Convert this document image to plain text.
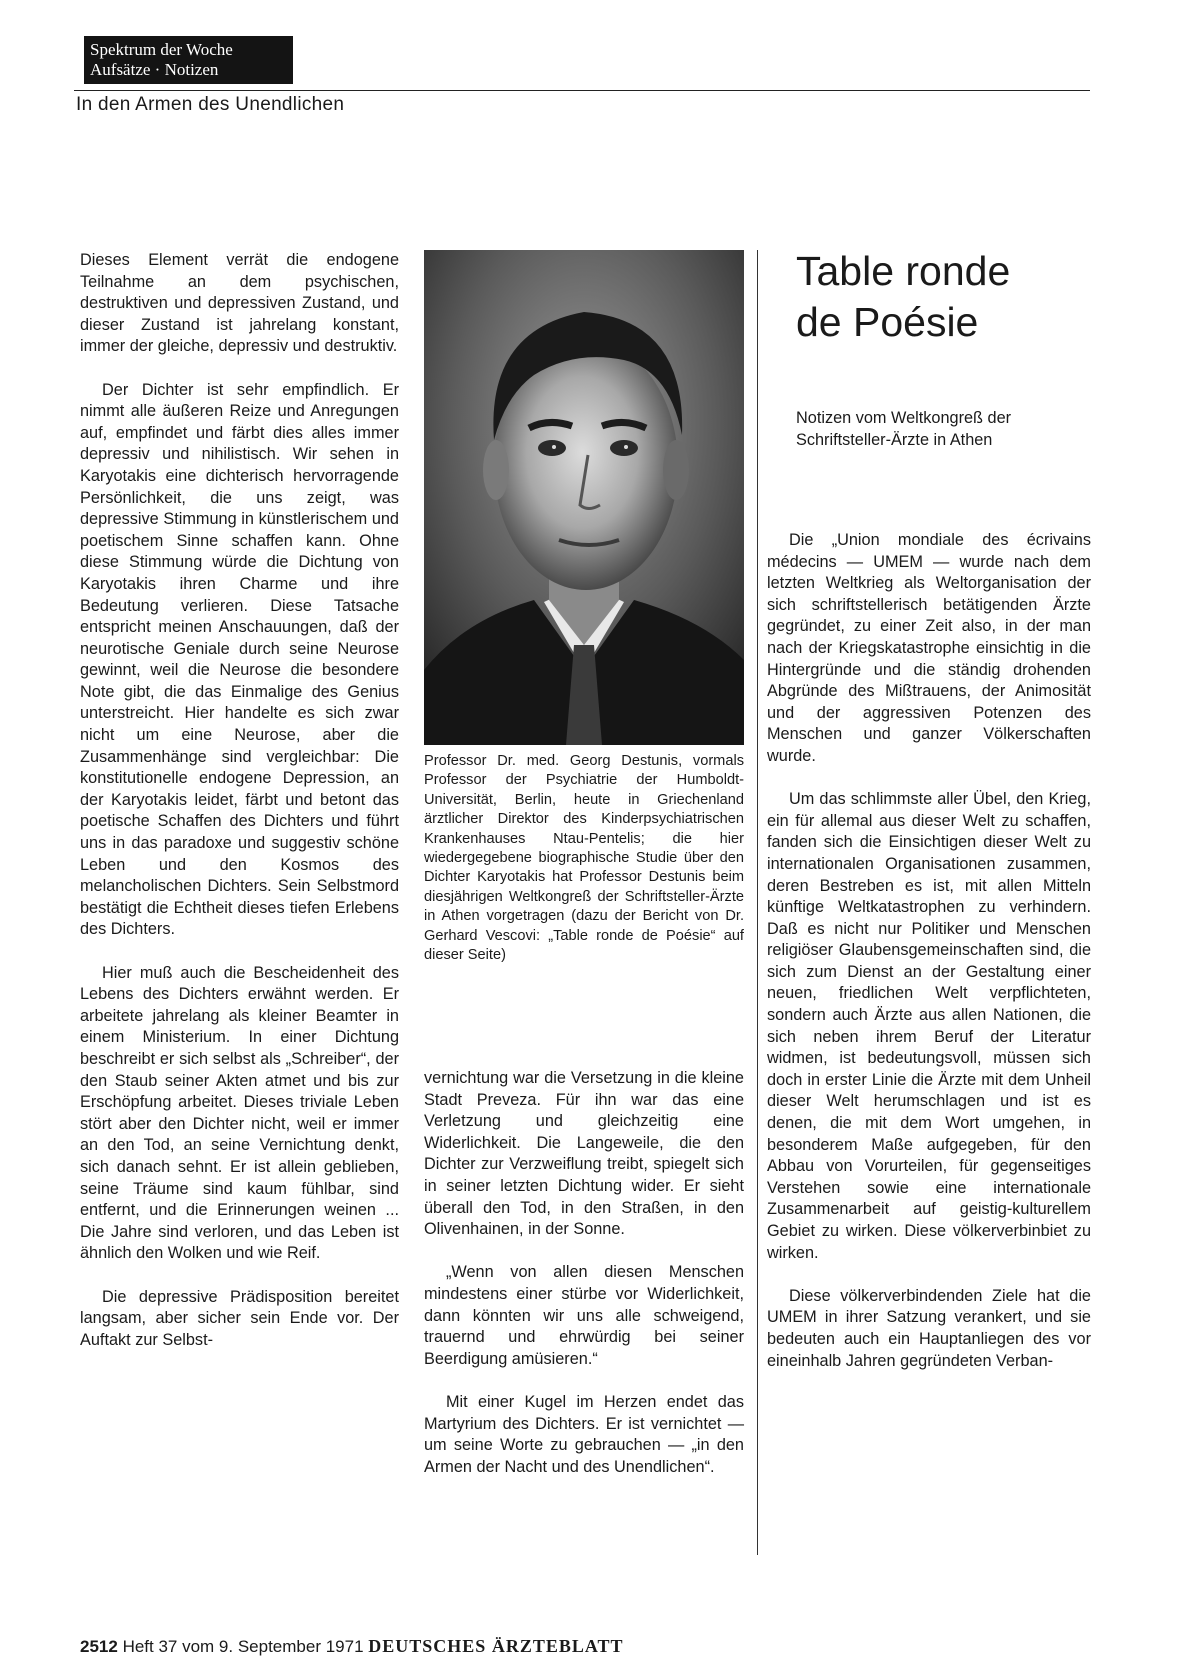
Spektrum der Woche
Aufsätze · Notizen
In den Armen des Unendlichen

Dieses Element verrät die endogene Teilnahme an dem psychischen, destruktiven und depressiven Zustand, und dieser Zustand ist jahrelang konstant, immer der gleiche, depressiv und destruktiv.

Der Dichter ist sehr empfindlich. Er nimmt alle äußeren Reize und Anregungen auf, empfindet und färbt dies alles immer depressiv und nihilistisch. Wir sehen in Karyotakis eine dichterisch hervorragende Persönlichkeit, die uns zeigt, was depressive Stimmung in künstlerischem und poetischem Sinne schaffen kann. Ohne diese Stimmung würde die Dichtung von Karyotakis ihren Charme und ihre Bedeutung verlieren. Diese Tatsache entspricht meinen Anschauungen, daß der neurotische Geniale durch seine Neurose gewinnt, weil die Neurose die besondere Note gibt, die das Einmalige des Genius unterstreicht. Hier handelte es sich zwar nicht um eine Neurose, aber die Zusammenhänge sind vergleichbar: Die konstitutionelle endogene Depression, an der Karyotakis leidet, färbt und betont das poetische Schaffen des Dichters und führt uns in das paradoxe und suggestiv schöne Leben und den Kosmos des melancholischen Dichters. Sein Selbstmord bestätigt die Echtheit dieses tiefen Erlebens des Dichters.

Hier muß auch die Bescheidenheit des Lebens des Dichters erwähnt werden. Er arbeitete jahrelang als kleiner Beamter in einem Ministerium. In einer Dichtung beschreibt er sich selbst als „Schreiber“, der den Staub seiner Akten atmet und bis zur Erschöpfung arbeitet. Dieses triviale Leben stört aber den Dichter nicht, weil er immer an den Tod, an seine Vernichtung denkt, sich danach sehnt. Er ist allein geblieben, seine Träume sind kaum fühlbar, sind entfernt, und die Erinnerungen weinen ... Die Jahre sind verloren, und das Leben ist ähnlich den Wolken und wie Reif.

Die depressive Prädisposition bereitet langsam, aber sicher sein Ende vor. Der Auftakt zur Selbst-

Professor Dr. med. Georg Destunis, vormals Professor der Psychiatrie der Humboldt-Universität, Berlin, heute in Griechenland ärztlicher Direktor des Kinderpsychiatrischen Krankenhauses Ntau-Pentelis; die hier wiedergegebene biographische Studie über den Dichter Karyotakis hat Professor Destunis beim diesjährigen Weltkongreß der Schriftsteller-Ärzte in Athen vorgetragen (dazu der Bericht von Dr. Gerhard Vescovi: „Table ronde de Poésie“ auf dieser Seite)

vernichtung war die Versetzung in die kleine Stadt Preveza. Für ihn war das eine Verletzung und gleichzeitig eine Widerlichkeit. Die Langeweile, die den Dichter zur Verzweiflung treibt, spiegelt sich in seiner letzten Dichtung wider. Er sieht überall den Tod, in den Straßen, in den Olivenhainen, in der Sonne.

„Wenn von allen diesen Menschen mindestens einer stürbe vor Widerlichkeit, dann könnten wir uns alle schweigend, trauernd und ehrwürdig bei seiner Beerdigung amüsieren.“

Mit einer Kugel im Herzen endet das Martyrium des Dichters. Er ist vernichtet — um seine Worte zu gebrauchen — „in den Armen der Nacht und des Unendlichen“.

Table ronde
de Poésie
Notizen vom Weltkongreß der Schriftsteller-Ärzte in Athen

Die „Union mondiale des écrivains médecins — UMEM — wurde nach dem letzten Weltkrieg als Weltorganisation der sich schriftstellerisch betätigenden Ärzte gegründet, zu einer Zeit also, in der man nach der Kriegskatastrophe einsichtig in die Hintergründe und die ständig drohenden Abgründe des Mißtrauens, der Animosität und der aggressiven Potenzen des Menschen und ganzer Völkerschaften wurde.

Um das schlimmste aller Übel, den Krieg, ein für allemal aus dieser Welt zu schaffen, fanden sich die Einsichtigen dieser Welt zu internationalen Organisationen zusammen, deren Bestreben es ist, mit allen Mitteln künftige Weltkatastrophen zu verhindern. Daß es nicht nur Politiker und Menschen religiöser Glaubensgemeinschaften sind, die sich zum Dienst an der Gestaltung einer neuen, friedlichen Welt verpflichteten, sondern auch Ärzte aus allen Nationen, die sich neben ihrem Beruf der Literatur widmen, ist bedeutungsvoll, müssen sich doch in erster Linie die Ärzte mit dem Unheil dieser Welt herumschlagen und ist es denen, die mit dem Wort umgehen, in besonderem Maße aufgegeben, für den Abbau von Vorurteilen, für gegenseitiges Verstehen sowie eine internationale Zusammenarbeit auf geistig-kulturellem Gebiet zu wirken. Diese völkerverbinbiet zu wirken.

Diese völkerverbindenden Ziele hat die UMEM in ihrer Satzung verankert, und sie bedeuten auch ein Hauptanliegen des vor eineinhalb Jahren gegründeten Verban-

2512 Heft 37 vom 9. September 1971 DEUTSCHES ÄRZTEBLATT
